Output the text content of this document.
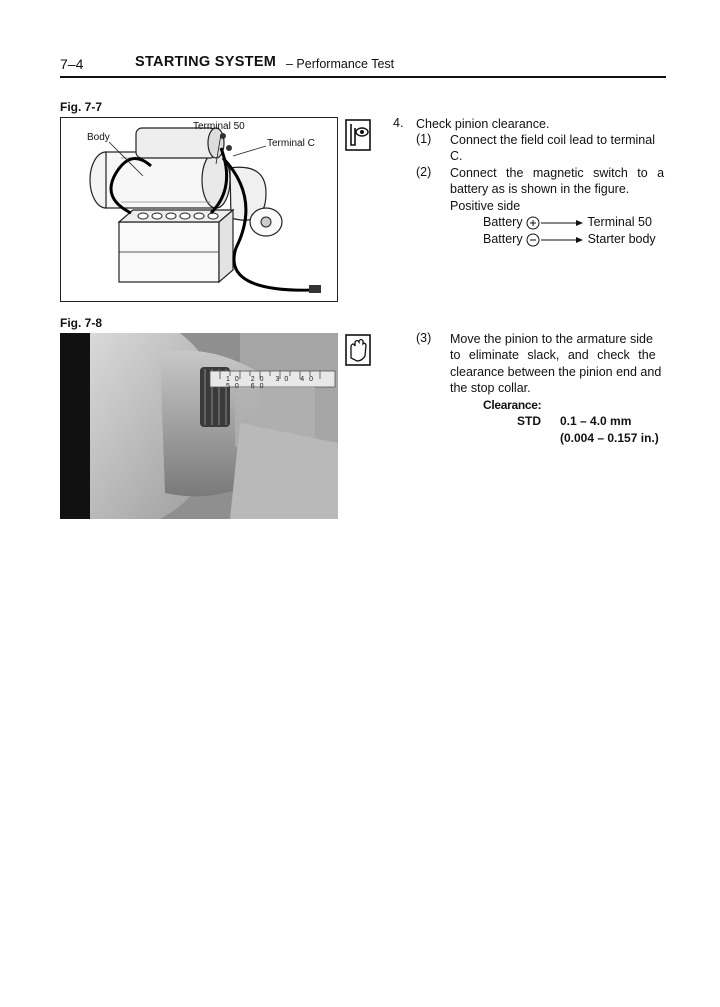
7–4	STARTING SYSTEM – Performance Test
Fig. 7-7
Body
Terminal 50
Terminal C
Fig. 7-8
10 20 30 40 50 60
4. Check pinion clearance.
(1) Connect the field coil lead to terminal
C.
(2) Connect the magnetic switch to a
battery as is shown in the figure.
Positive side
Battery	Terminal 50
Battery	Starter body
(3) Move the pinion to the armature side
to eliminate slack, and check the
clearance between the pinion end and
the stop collar.
Clearance:
STD 0.1 – 4.0 mm
(0.004 – 0.157 in.)
